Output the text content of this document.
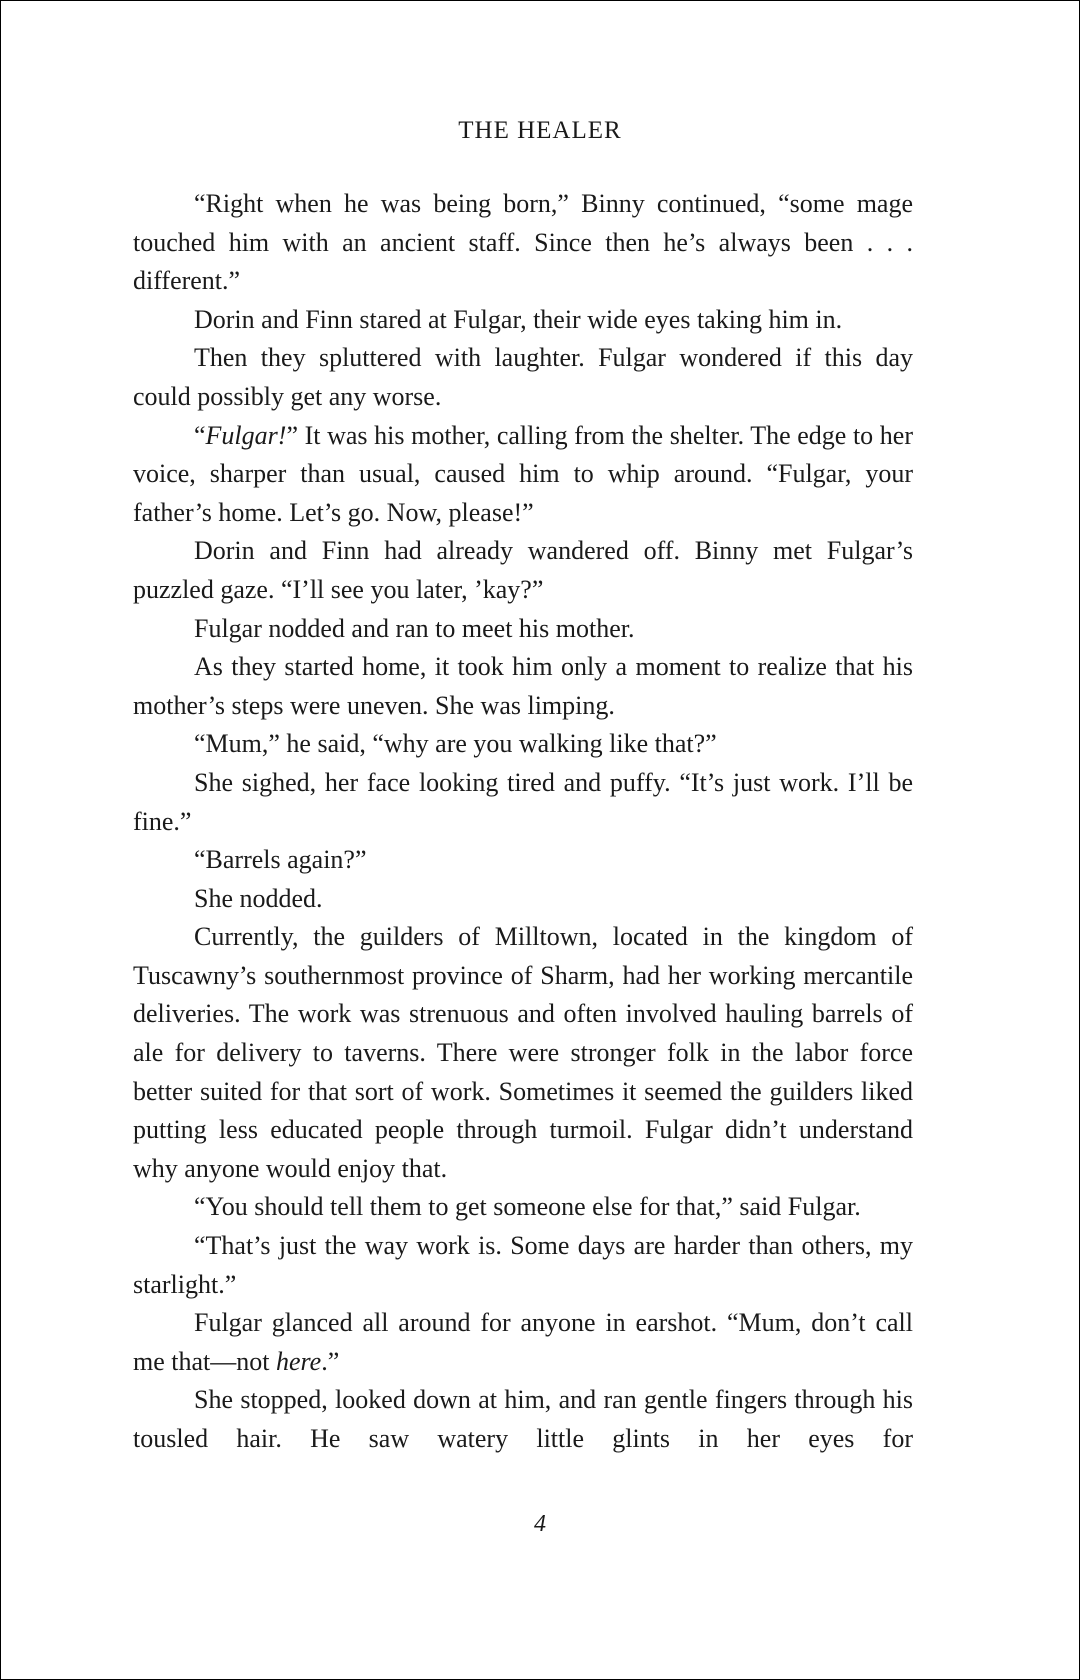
THE HEALER

“Right when he was being born,” Binny continued, “some mage touched him with an ancient staff. Since then he’s always been . . . different.”

Dorin and Finn stared at Fulgar, their wide eyes taking him in.

Then they spluttered with laughter. Fulgar wondered if this day could possibly get any worse.

“Fulgar!” It was his mother, calling from the shelter. The edge to her voice, sharper than usual, caused him to whip around. “Fulgar, your father’s home. Let’s go. Now, please!”

Dorin and Finn had already wandered off. Binny met Fulgar’s puzzled gaze. “I’ll see you later, ’kay?”

Fulgar nodded and ran to meet his mother.

As they started home, it took him only a moment to realize that his mother’s steps were uneven. She was limping.

“Mum,” he said, “why are you walking like that?”

She sighed, her face looking tired and puffy. “It’s just work. I’ll be fine.”

“Barrels again?”

She nodded.

Currently, the guilders of Milltown, located in the kingdom of Tuscawny’s southernmost province of Sharm, had her working mercantile deliveries. The work was strenuous and often involved hauling barrels of ale for delivery to taverns. There were stronger folk in the labor force better suited for that sort of work. Sometimes it seemed the guilders liked putting less educated people through turmoil. Fulgar didn’t understand why anyone would enjoy that.

“You should tell them to get someone else for that,” said Fulgar.

“That’s just the way work is. Some days are harder than others, my starlight.”

Fulgar glanced all around for anyone in earshot. “Mum, don’t call me that—not here.”

She stopped, looked down at him, and ran gentle fingers through his tousled hair. He saw watery little glints in her eyes for

4
